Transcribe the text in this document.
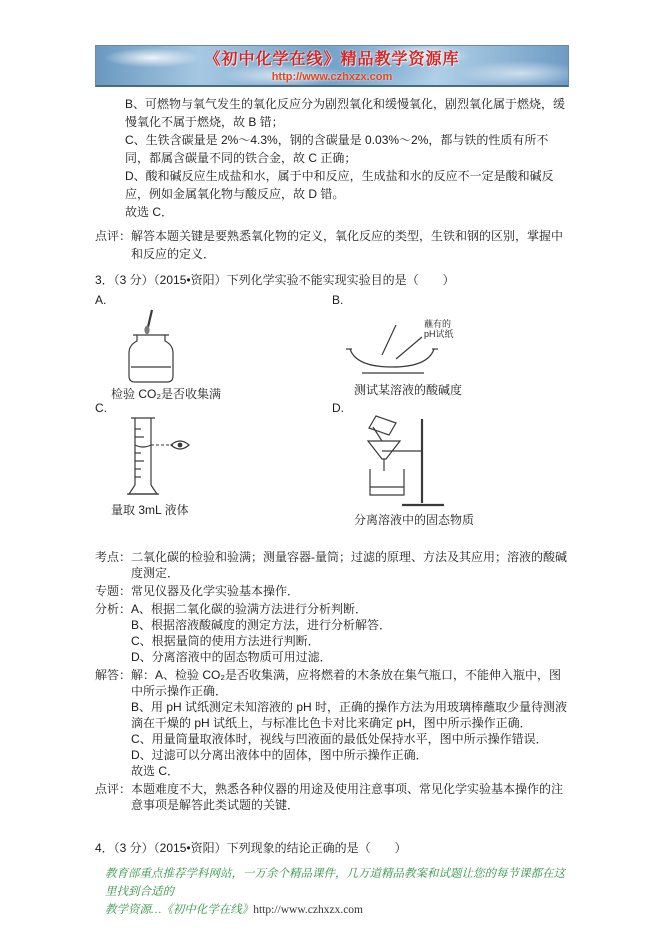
《初中化学在线》精品教学资源库
http://www.czhxzx.com
B、可燃物与氧气发生的氧化反应分为剧烈氧化和缓慢氧化，剧烈氧化属于燃烧，缓慢氧化不属于燃烧，故 B 错；
C、生铁含碳量是 2%～4.3%，钢的含碳量是 0.03%～2%，都与铁的性质有所不同，都属含碳量不同的铁合金，故 C 正确；
D、酸和碱反应生成盐和水，属于中和反应，生成盐和水的反应不一定是酸和碱反应，例如金属氧化物与酸反应，故 D 错。
故选 C．
点评： 解答本题关键是要熟悉氧化物的定义，氧化反应的类型，生铁和钢的区别，掌握中和反应的定义．
3．（3 分）（2015•资阳）下列化学实验不能实现实验目的是（　　）
A.
检验 CO₂是否收集满
B.
蘸有的
pH试纸
测试某溶液的酸碱度
C.
量取 3mL 液体
D.
分离溶液中的固态物质
考点： 二氧化碳的检验和验满；测量容器-量筒；过滤的原理、方法及其应用；溶液的酸碱度测定．
专题： 常见仪器及化学实验基本操作．
分析： A、根据二氧化碳的验满方法进行分析判断．
B、根据溶液酸碱度的测定方法，进行分析解答．
C、根据量筒的使用方法进行判断．
D、分离溶液中的固态物质可用过滤．
解答： 解：A、检验 CO₂是否收集满，应将燃着的木条放在集气瓶口，不能伸入瓶中，图中所示操作正确．
B、用 pH 试纸测定未知溶液的 pH 时，正确的操作方法为用玻璃棒蘸取少量待测液滴在干燥的 pH 试纸上，与标准比色卡对比来确定 pH，图中所示操作正确．
C、用量筒量取液体时，视线与凹液面的最低处保持水平，图中所示操作错误．
D、过滤可以分离出液体中的固体，图中所示操作正确．
故选 C．
点评： 本题难度不大，熟悉各种仪器的用途及使用注意事项、常见化学实验基本操作的注意事项是解答此类试题的关键．
4．（3 分）（2015•资阳）下列现象的结论正确的是（　　）
教育部重点推荐学科网站，一万余个精品课件，几万道精品教案和试题让您的每节课都在这里找到合适的
教学资源…《初中化学在线》http://www.czhxzx.com
